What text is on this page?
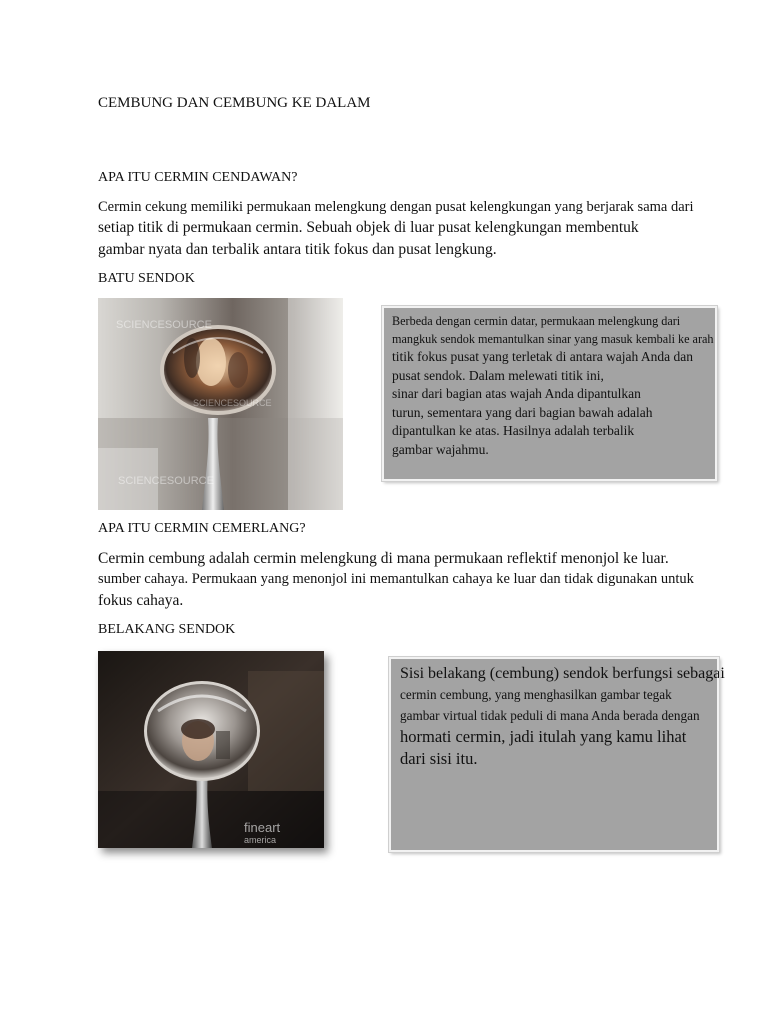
CEMBUNG DAN CEMBUNG KE DALAM
APA ITU CERMIN CENDAWAN?
Cermin cekung memiliki permukaan melengkung dengan pusat kelengkungan yang berjarak sama dari
setiap titik di permukaan cermin. Sebuah objek di luar pusat kelengkungan membentuk
gambar nyata dan terbalik antara titik fokus dan pusat lengkung.
BATU SENDOK
SCIENCESOURCE
SCIENCESOURCE
SCIENCESOURCE
Berbeda dengan cermin datar, permukaan melengkung dari
mangkuk sendok memantulkan sinar yang masuk kembali ke arah
titik fokus pusat yang terletak di antara wajah Anda dan
pusat sendok. Dalam melewati titik ini,
sinar dari bagian atas wajah Anda dipantulkan
turun, sementara yang dari bagian bawah adalah
dipantulkan ke atas. Hasilnya adalah terbalik
gambar wajahmu.
APA ITU CERMIN CEMERLANG?
Cermin cembung adalah cermin melengkung di mana permukaan reflektif menonjol ke luar.
sumber cahaya. Permukaan yang menonjol ini memantulkan cahaya ke luar dan tidak digunakan untuk
fokus cahaya.
BELAKANG SENDOK
fineart
america
Sisi belakang (cembung) sendok berfungsi sebagai
cermin cembung, yang menghasilkan gambar tegak
gambar virtual tidak peduli di mana Anda berada dengan
hormati cermin, jadi itulah yang kamu lihat
dari sisi itu.
